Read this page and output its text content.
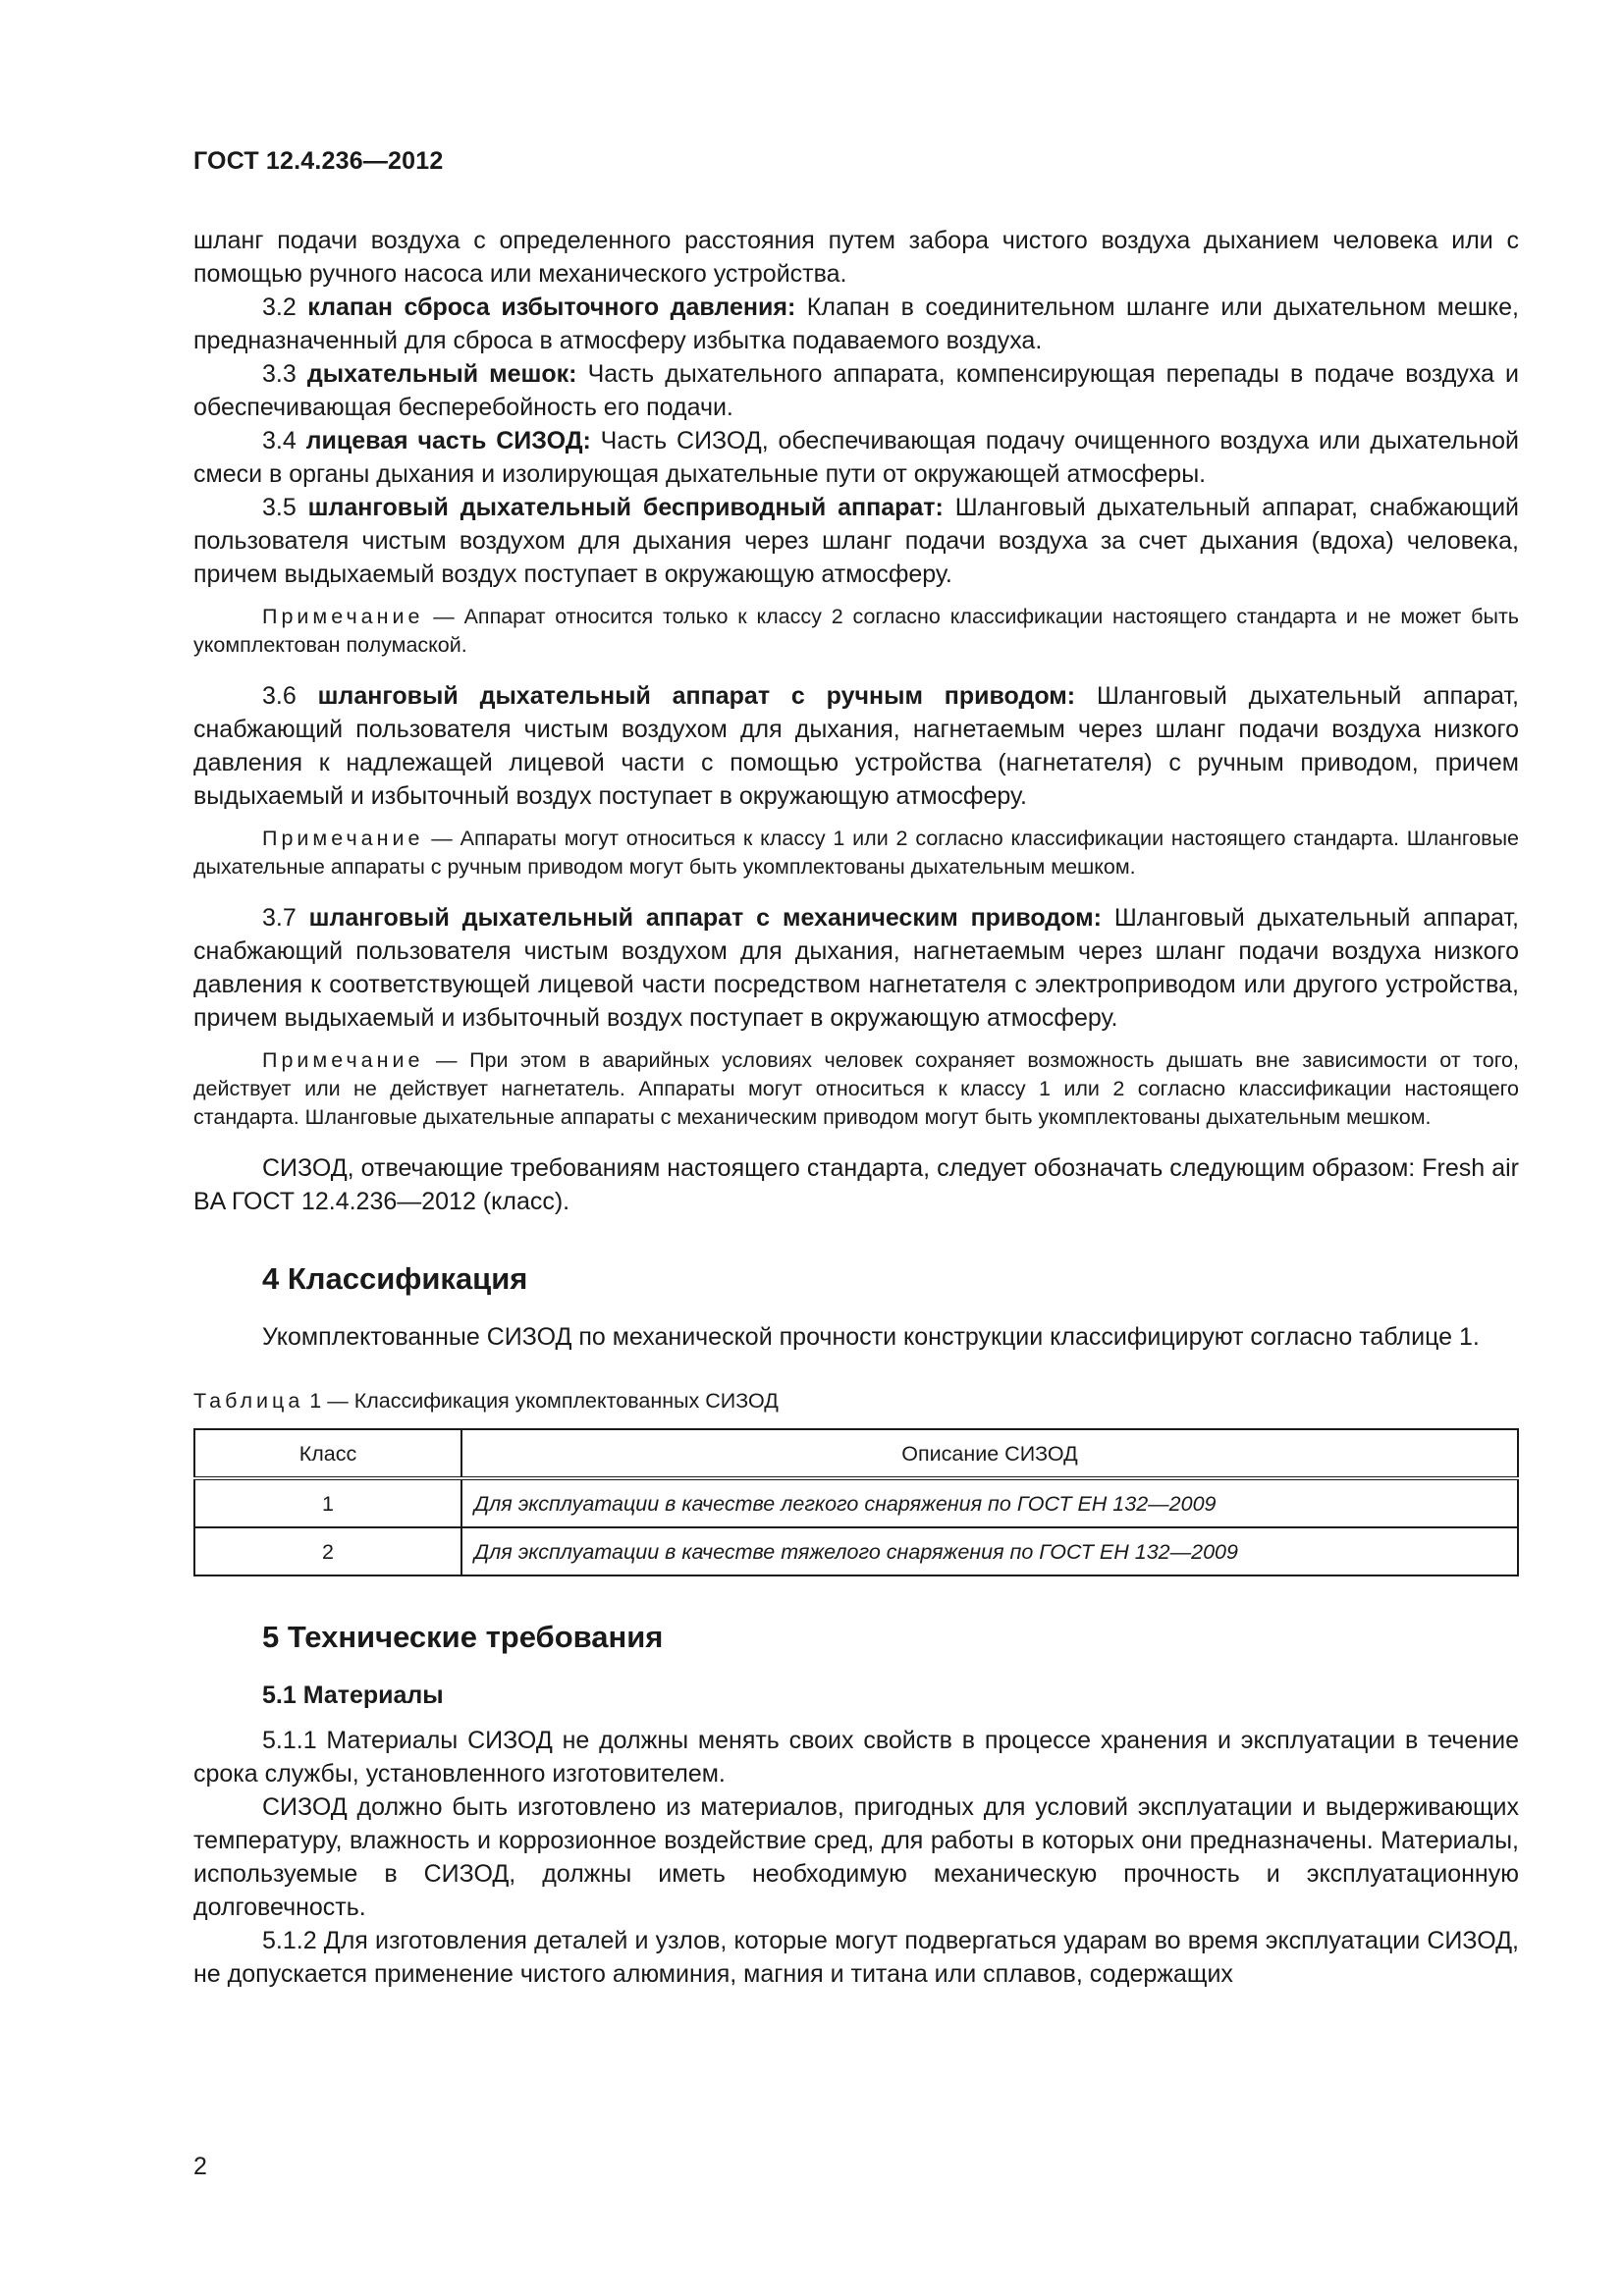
ГОСТ 12.4.236—2012

шланг подачи воздуха с определенного расстояния путем забора чистого воздуха дыханием человека или с помощью ручного насоса или механического устройства.

3.2 клапан сброса избыточного давления: Клапан в соединительном шланге или дыхательном мешке, предназначенный для сброса в атмосферу избытка подаваемого воздуха.

3.3 дыхательный мешок: Часть дыхательного аппарата, компенсирующая перепады в подаче воздуха и обеспечивающая бесперебойность его подачи.

3.4 лицевая часть СИЗОД: Часть СИЗОД, обеспечивающая подачу очищенного воздуха или дыхательной смеси в органы дыхания и изолирующая дыхательные пути от окружающей атмосферы.

3.5 шланговый дыхательный бесприводный аппарат: Шланговый дыхательный аппарат, снабжающий пользователя чистым воздухом для дыхания через шланг подачи воздуха за счет дыхания (вдоха) человека, причем выдыхаемый воздух поступает в окружающую атмосферу.

Примечание — Аппарат относится только к классу 2 согласно классификации настоящего стандарта и не может быть укомплектован полумаской.

3.6 шланговый дыхательный аппарат с ручным приводом: Шланговый дыхательный аппарат, снабжающий пользователя чистым воздухом для дыхания, нагнетаемым через шланг подачи воздуха низкого давления к надлежащей лицевой части с помощью устройства (нагнетателя) с ручным приводом, причем выдыхаемый и избыточный воздух поступает в окружающую атмосферу.

Примечание — Аппараты могут относиться к классу 1 или 2 согласно классификации настоящего стандарта. Шланговые дыхательные аппараты с ручным приводом могут быть укомплектованы дыхательным мешком.

3.7 шланговый дыхательный аппарат с механическим приводом: Шланговый дыхательный аппарат, снабжающий пользователя чистым воздухом для дыхания, нагнетаемым через шланг подачи воздуха низкого давления к соответствующей лицевой части посредством нагнетателя с электроприводом или другого устройства, причем выдыхаемый и избыточный воздух поступает в окружающую атмосферу.

Примечание — При этом в аварийных условиях человек сохраняет возможность дышать вне зависимости от того, действует или не действует нагнетатель. Аппараты могут относиться к классу 1 или 2 согласно классификации настоящего стандарта. Шланговые дыхательные аппараты с механическим приводом могут быть укомплектованы дыхательным мешком.

СИЗОД, отвечающие требованиям настоящего стандарта, следует обозначать следующим образом: Fresh air BA ГОСТ 12.4.236—2012 (класс).

4 Классификация

Укомплектованные СИЗОД по механической прочности конструкции классифицируют согласно таблице 1.

Таблица 1 — Классификация укомплектованных СИЗОД

Класс	Описание СИЗОД
1	Для эксплуатации в качестве легкого снаряжения по ГОСТ ЕН 132—2009
2	Для эксплуатации в качестве тяжелого снаряжения по ГОСТ ЕН 132—2009
5 Технические требования
5.1 Материалы

5.1.1 Материалы СИЗОД не должны менять своих свойств в процессе хранения и эксплуатации в течение срока службы, установленного изготовителем.

СИЗОД должно быть изготовлено из материалов, пригодных для условий эксплуатации и выдерживающих температуру, влажность и коррозионное воздействие сред, для работы в которых они предназначены. Материалы, используемые в СИЗОД, должны иметь необходимую механическую прочность и эксплуатационную долговечность.

5.1.2 Для изготовления деталей и узлов, которые могут подвергаться ударам во время эксплуатации СИЗОД, не допускается применение чистого алюминия, магния и титана или сплавов, содержащих

2
